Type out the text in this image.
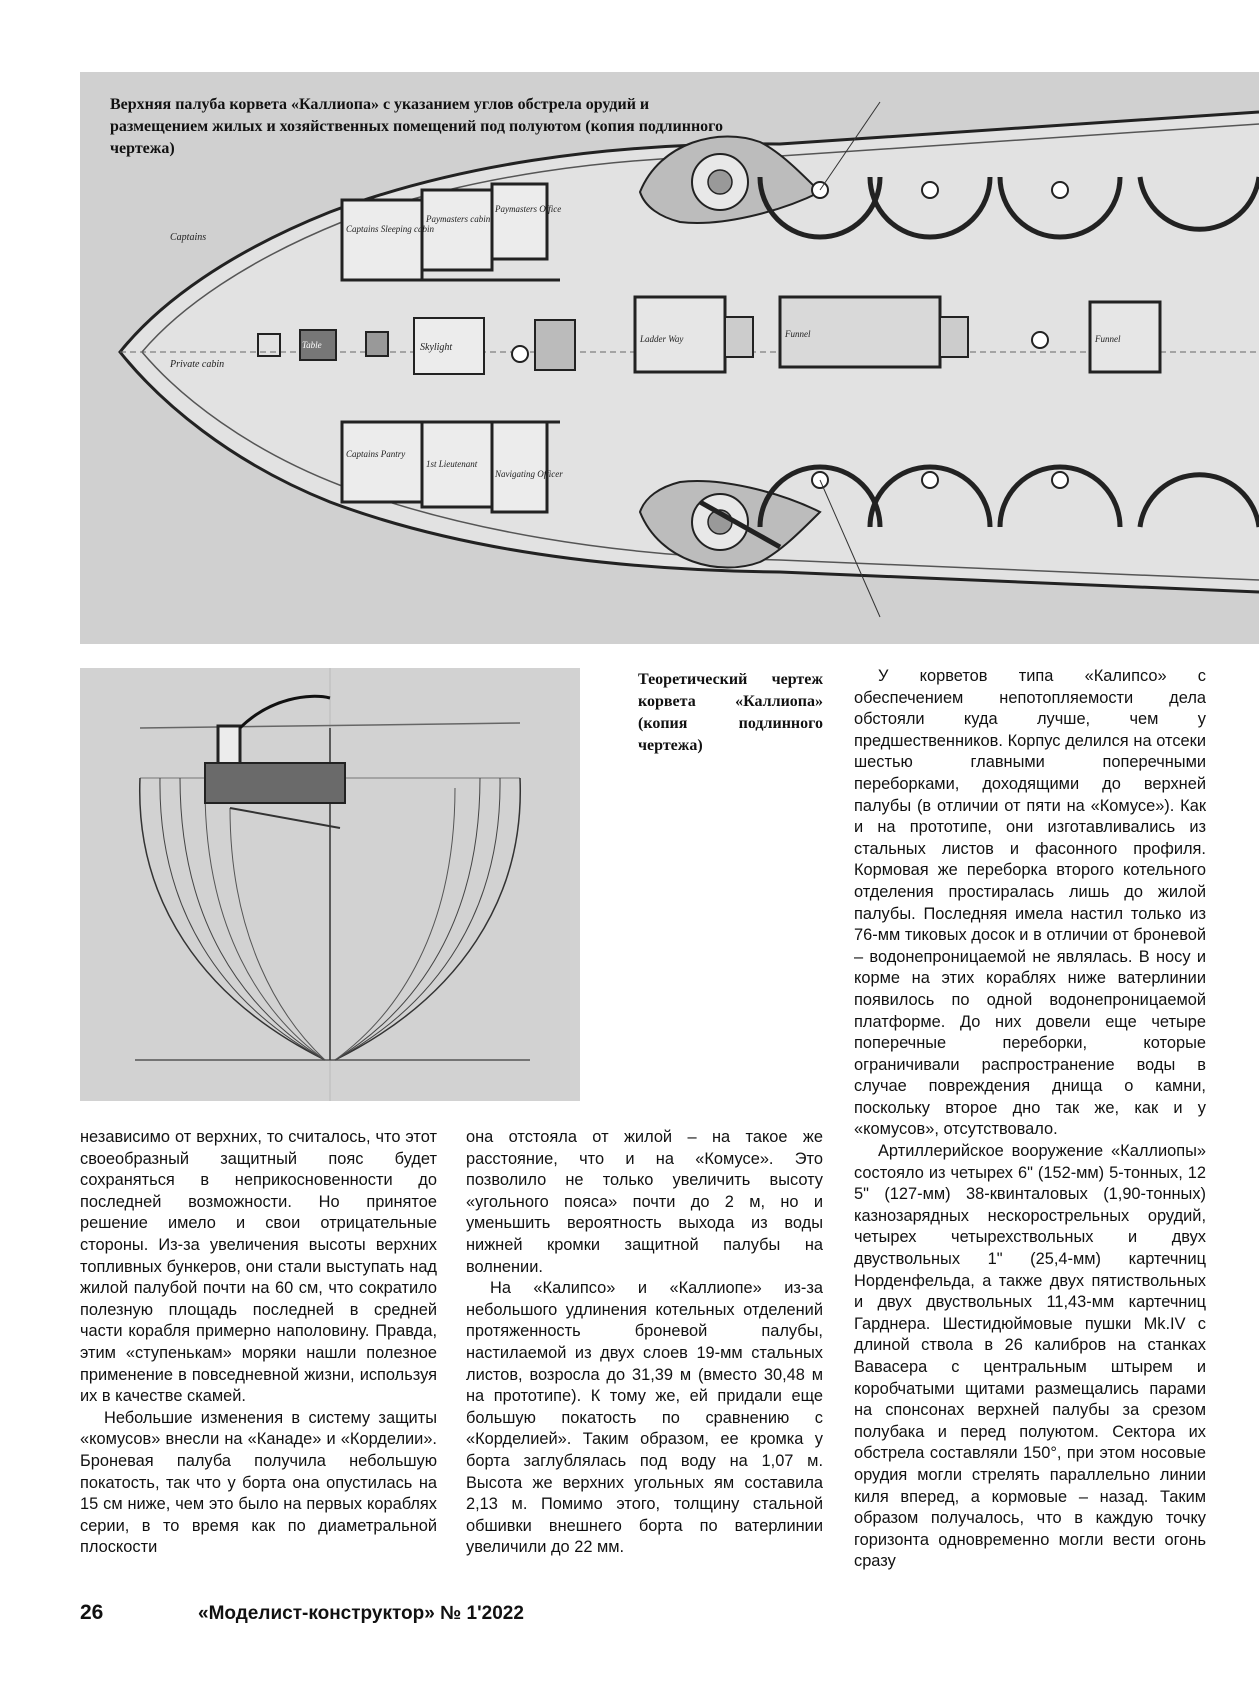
Captains
Private cabin
Captains Sleeping cabin
Paymasters cabin
Paymasters Office
Table	Skylight
Captains Pantry
1st Lieutenant
Navigating Officer
Ladder Way	Funnel	Funnel
Верхняя палуба корвета «Каллиопа» с указанием углов обстрела орудий и размещением жилых и хозяйственных помещений под полуютом (копия подлинного чертежа)
Теоретический чертеж корвета «Каллиопа» (копия подлинного чертежа)

У корветов типа «Калипсо» с обеспечением непотопляемости дела обстояли куда лучше, чем у предшественников. Корпус делился на отсеки шестью главными поперечными переборками, доходящими до верхней палубы (в отличии от пяти на «Комусе»). Как и на прототипе, они изготавливались из стальных листов и фасонного профиля. Кормовая же переборка второго котельного отделения простиралась лишь до жилой палубы. Последняя имела настил только из 76-мм тиковых досок и в отличии от броневой – водонепроницаемой не являлась. В носу и корме на этих кораблях ниже ватерлинии появилось по одной водонепроницаемой платформе. До них довели еще четыре поперечные переборки, которые ограничивали распространение воды в случае повреждения днища о камни, поскольку второе дно так же, как и у «комусов», отсутствовало.

Артиллерийское вооружение «Каллиопы» состояло из четырех 6" (152-мм) 5-тонных, 12 5" (127-мм) 38-квинталовых (1,90-тонных) казнозарядных нескорострельных орудий, четырех четырехствольных и двух двуствольных 1" (25,4-мм) картечниц Норденфельда, а также двух пятиствольных и двух двуствольных 11,43-мм картечниц Гарднера. Шестидюймовые пушки Mk.IV с длиной ствола в 26 калибров на станках Вавасера с центральным штырем и коробчатыми щитами размещались парами на спонсонах верхней палубы за срезом полубака и перед полуютом. Сектора их обстрела составляли 150°, при этом носовые орудия могли стрелять параллельно линии киля вперед, а кормовые – назад. Таким образом получалось, что в каждую точку горизонта одновременно могли вести огонь сразу

независимо от верхних, то считалось, что этот своеобразный защитный пояс будет сохраняться в неприкосновенности до последней возможности. Но принятое решение имело и свои отрицательные стороны. Из-за увеличения высоты верхних топливных бункеров, они стали выступать над жилой палубой почти на 60 см, что сократило полезную площадь последней в средней части корабля примерно наполовину. Правда, этим «ступенькам» моряки нашли полезное применение в повседневной жизни, используя их в качестве скамей.

Небольшие изменения в систему защиты «комусов» внесли на «Канаде» и «Корделии». Броневая палуба получила небольшую покатость, так что у борта она опустилась на 15 см ниже, чем это было на первых кораблях серии, в то время как по диаметральной плоскости

она отстояла от жилой – на такое же расстояние, что и на «Комусе». Это позволило не только увеличить высоту «угольного пояса» почти до 2 м, но и уменьшить вероятность выхода из воды нижней кромки защитной палубы на волнении.

На «Калипсо» и «Каллиопе» из-за небольшого удлинения котельных отделений протяженность броневой палубы, настилаемой из двух слоев 19-мм стальных листов, возросла до 31,39 м (вместо 30,48 м на прототипе). К тому же, ей придали еще большую покатость по сравнению с «Корделией». Таким образом, ее кромка у борта заглублялась под воду на 1,07 м. Высота же верхних угольных ям составила 2,13 м. Помимо этого, толщину стальной обшивки внешнего борта по ватерлинии увеличили до 22 мм.

26	«Моделист-конструктор» № 1'2022
